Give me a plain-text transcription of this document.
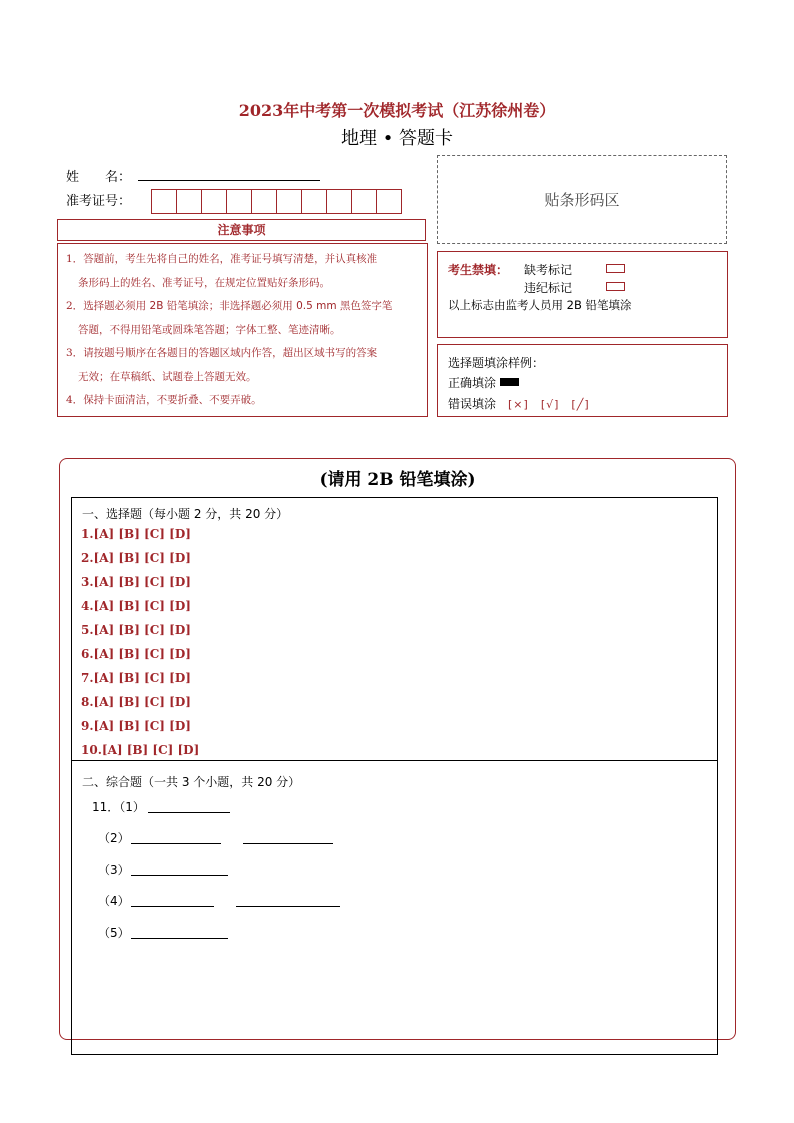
2023年中考第一次模拟考试（江苏徐州卷）
地理 • 答题卡
姓　　名：
准考证号：	贴条形码区
注意事项

1．答题前，考生先将自己的姓名，准考证号填写清楚，并认真核准

条形码上的姓名、准考证号，在规定位置贴好条形码。

2．选择题必须用 2B 铅笔填涂；非选择题必须用 0.5 mm 黑色签字笔

答题，不得用铅笔或圆珠笔答题；字体工整、笔迹清晰。

3．请按题号顺序在各题目的答题区域内作答，超出区域书写的答案

无效；在草稿纸、试题卷上答题无效。

4．保持卡面清洁，不要折叠、不要弄破。

考生禁填： 缺考标记
违纪标记
以上标志由监考人员用 2B 铅笔填涂
选择题填涂样例：
正确填涂
错误填涂 [×]　[√]　[╱]
(请用 2B 铅笔填涂)
一、选择题（每小题 2 分，共 20 分）
1.[A] [B] [C] [D]
2.[A] [B] [C] [D]
3.[A] [B] [C] [D]
4.[A] [B] [C] [D]
5.[A] [B] [C] [D]
6.[A] [B] [C] [D]
7.[A] [B] [C] [D]
8.[A] [B] [C] [D]
9.[A] [B] [C] [D]
10.[A] [B] [C] [D]
二、综合题（一共 3 个小题，共 20 分）
11．（1）
（2）
（3）
（4）
（5）
